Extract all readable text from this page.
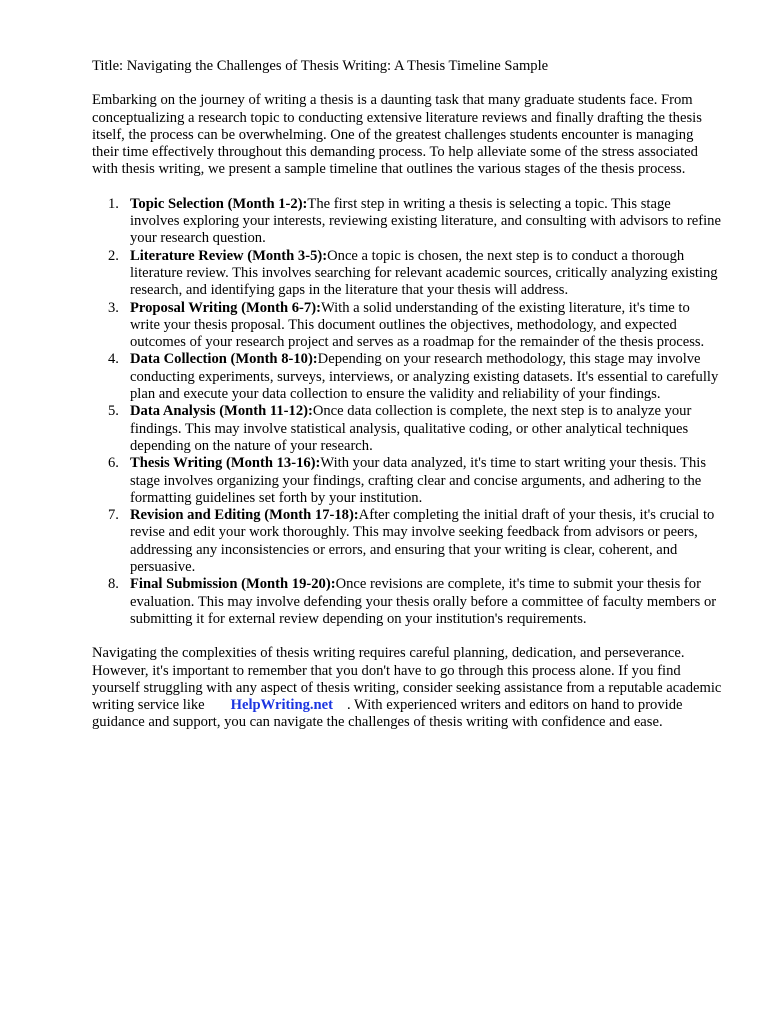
Title: Navigating the Challenges of Thesis Writing: A Thesis Timeline Sample

Embarking on the journey of writing a thesis is a daunting task that many graduate students face. From conceptualizing a research topic to conducting extensive literature reviews and finally drafting the thesis itself, the process can be overwhelming. One of the greatest challenges students encounter is managing their time effectively throughout this demanding process. To help alleviate some of the stress associated with thesis writing, we present a sample timeline that outlines the various stages of the thesis process.

1. Topic Selection (Month 1-2):The first step in writing a thesis is selecting a topic. This stage involves exploring your interests, reviewing existing literature, and consulting with advisors to refine your research question.
2. Literature Review (Month 3-5):Once a topic is chosen, the next step is to conduct a thorough literature review. This involves searching for relevant academic sources, critically analyzing existing research, and identifying gaps in the literature that your thesis will address.
3. Proposal Writing (Month 6-7):With a solid understanding of the existing literature, it's time to write your thesis proposal. This document outlines the objectives, methodology, and expected outcomes of your research project and serves as a roadmap for the remainder of the thesis process.
4. Data Collection (Month 8-10):Depending on your research methodology, this stage may involve conducting experiments, surveys, interviews, or analyzing existing datasets. It's essential to carefully plan and execute your data collection to ensure the validity and reliability of your findings.
5. Data Analysis (Month 11-12):Once data collection is complete, the next step is to analyze your findings. This may involve statistical analysis, qualitative coding, or other analytical techniques depending on the nature of your research.
6. Thesis Writing (Month 13-16):With your data analyzed, it's time to start writing your thesis. This stage involves organizing your findings, crafting clear and concise arguments, and adhering to the formatting guidelines set forth by your institution.
7. Revision and Editing (Month 17-18):After completing the initial draft of your thesis, it's crucial to revise and edit your work thoroughly. This may involve seeking feedback from advisors or peers, addressing any inconsistencies or errors, and ensuring that your writing is clear, coherent, and persuasive.
8. Final Submission (Month 19-20):Once revisions are complete, it's time to submit your thesis for evaluation. This may involve defending your thesis orally before a committee of faculty members or submitting it for external review depending on your institution's requirements.

Navigating the complexities of thesis writing requires careful planning, dedication, and perseverance. However, it's important to remember that you don't have to go through this process alone. If you find yourself struggling with any aspect of thesis writing, consider seeking assistance from a reputable academic writing service like HelpWriting.net . With experienced writers and editors on hand to provide guidance and support, you can navigate the challenges of thesis writing with confidence and ease.
